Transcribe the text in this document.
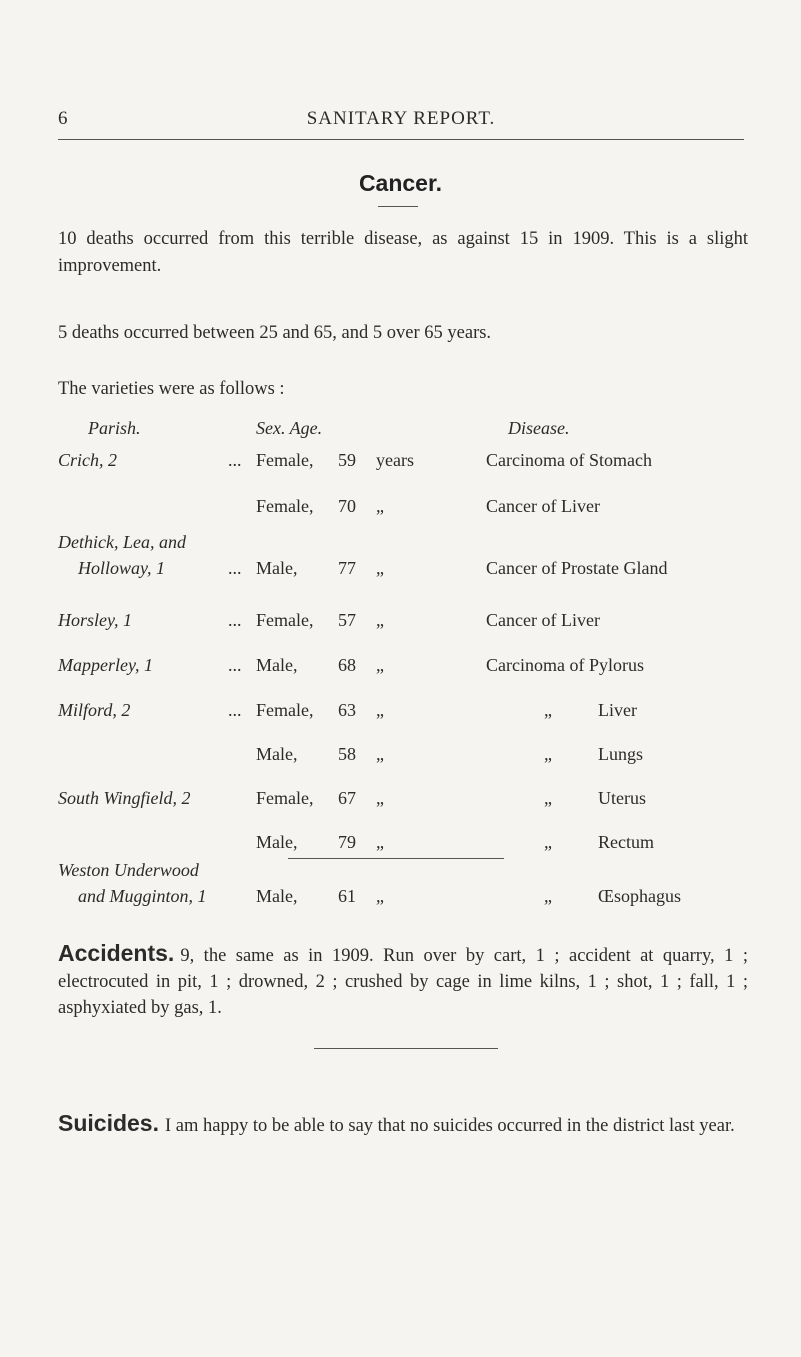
6	SANITARY REPORT.
Cancer.
10 deaths occurred from this terrible disease, as against 15 in 1909. This is a slight improvement.
5 deaths occurred between 25 and 65, and 5 over 65 years.
The varieties were as follows :
Parish.	Sex. Age.	Disease.
Crich, 2	... Female, 59 years	Carcinoma of Stomach
Female, 70 „	Cancer of Liver
Dethick, Lea, and
Holloway, 1	... Male, 77 „	Cancer of Prostate Gland
Horsley, 1	... Female, 57 „	Cancer of Liver
Mapperley, 1	... Male, 68 „	Carcinoma of Pylorus
Milford, 2	... Female, 63 „	„	Liver
Male, 58 „	„	Lungs
South Wingfield, 2	Female, 67 „	„	Uterus
Male, 79 „	„	Rectum
Weston Underwood
and Mugginton, 1	Male, 61 „	„	Œsophagus
Accidents. 9, the same as in 1909. Run over by cart, 1 ; accident at quarry, 1 ; electrocuted in pit, 1 ; drowned, 2 ; crushed by cage in lime kilns, 1 ; shot, 1 ; fall, 1 ; asphyxiated by gas, 1.
Suicides. I am happy to be able to say that no suicides occurred in the district last year.
